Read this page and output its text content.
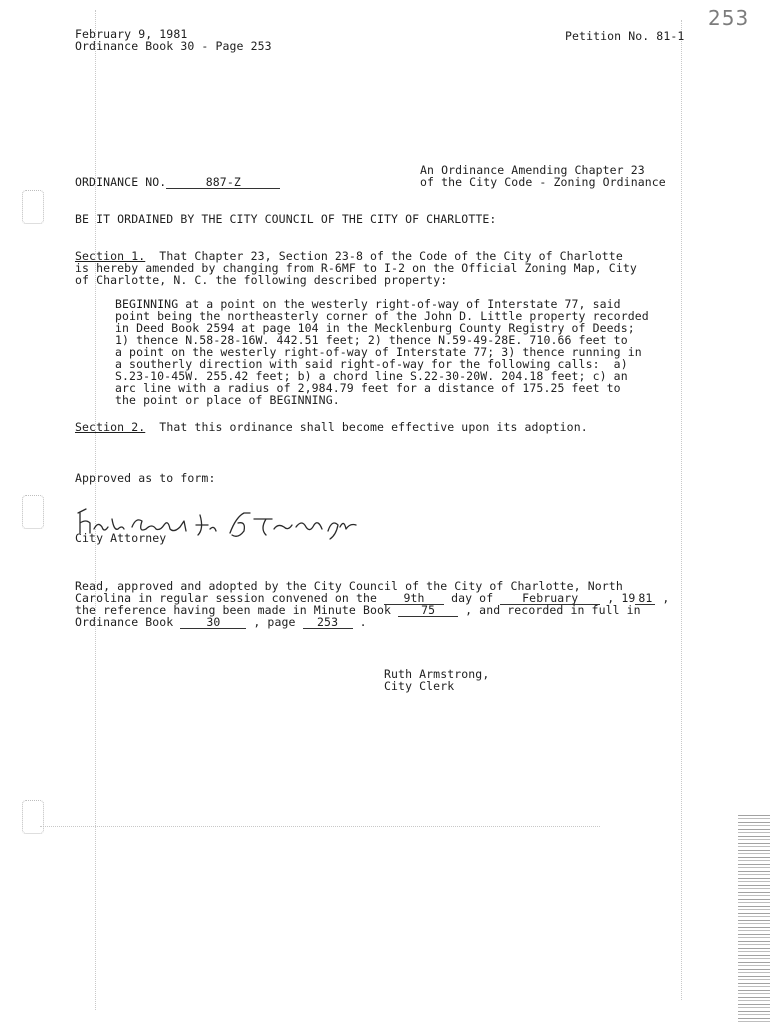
February 9, 1981
Ordinance Book 30 - Page 253
Petition No. 81-1
253
ORDINANCE NO.	887-Z
An Ordinance Amending Chapter 23
of the City Code - Zoning Ordinance
BE IT ORDAINED BY THE CITY COUNCIL OF THE CITY OF CHARLOTTE:
Section 1.  That Chapter 23, Section 23-8 of the Code of the City of Charlotte
is hereby amended by changing from R-6MF to I-2 on the Official Zoning Map, City
of Charlotte, N. C. the following described property:
BEGINNING at a point on the westerly right-of-way of Interstate 77, said
point being the northeasterly corner of the John D. Little property recorded
in Deed Book 2594 at page 104 in the Mecklenburg County Registry of Deeds;
1) thence N.58-28-16W. 442.51 feet; 2) thence N.59-49-28E. 710.66 feet to
a point on the westerly right-of-way of Interstate 77; 3) thence running in
a southerly direction with said right-of-way for the following calls:  a)
S.23-10-45W. 255.42 feet; b) a chord line S.22-30-20W. 204.18 feet; c) an
arc line with a radius of 2,984.79 feet for a distance of 175.25 feet to
the point or place of BEGINNING.
Section 2.  That this ordinance shall become effective upon its adoption.
Approved as to form:
City Attorney
Read, approved and adopted by the City Council of the City of Charlotte, North
Carolina in regular session convened on the 9th day of February , 19 81 ,
the reference having been made in Minute Book 75 , and recorded in full in
Ordinance Book 30 , page 253 .
Ruth Armstrong,
City Clerk
